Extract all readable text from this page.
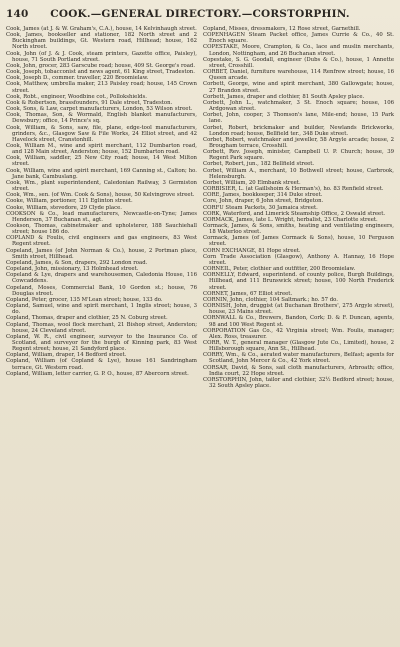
140	COOK.—GENERAL DIRECTORY.—CORSTORPHIN.

Cook, James (at J. & W. Graham's, C.A.), house, 14 Kelvinhaugh street.

Cook, James, bookseller and stationer, 182 North street and 2 Buckingham buildings, Gt. Western road, Hillhead; house, 162 North street.

Cook, John (of J. & J. Cook, steam printers, Gazette office, Paisley), house, 71 South Portland street.

Cook, John, grocer, 283 Garscube road; house, 409 St. George's road.

Cook, Joseph, tobacconist and news agent, 61 King street, Tradeston.

Cook, Joseph D., commer. traveller, 220 Broomielaw.

Cook, Matthew, umbrella maker, 213 Paisley road; house, 145 Crown street.

Cook, Robt., engineer, Woodbine cot., Pollokshields.

Cook & Robertson, brassfounders, 91 Dale street, Tradeston.

Cook, Sons, & Law, carpet manufacturers, London, 53 Wilson street.

Cook, Thomas, Son, & Wormald, English blanket manufacturers, Dewsbury; office, 14 Prince's sq.

Cook, William, & Sons, saw, file, plane, edge-tool manufacturers, grinders, &c., Glasgow Saw & File Works, 24 Elliot street, and 42 Havelock street, Cranstonhill.

Cook, William M., wine and spirit merchant, 112 Dumbarton road, and 128 Main street, Anderston; house, 152 Dumbarton road.

Cook, William, saddler, 25 New City road; house, 14 West Milton street.

Cook, William, wine and spirit merchant, 169 Canning st., Calton; ho. Jane bank, Cambuslang.

Cook, Wm., plant superintendent, Caledonian Railway, 3 Germiston street.

Cook, Wm., sen. (of Wm. Cook & Sons), house, 50 Kelvingrove street.

Cooke, William, portioner, 111 Eglinton street.

Cooke, William, stevedore, 29 Clyde place.

COOKSON & Co., lead manufacturers, Newcastle-on-Tyne; James Henderson, 37 Buchanan st., agt.

Cookson, Thomas, cabinetmaker and upholsterer, 188 Sauchiehall street; house 186 do.

COPLAND & Foulis, civil engineers and gas engineers, 83 West Regent street.

Copeland, James (of John Norman & Co.), house, 2 Portman place, Smith street, Hillhead.

Copeland, James, & Son, drapers, 292 London road.

Copeland, John, missionary, 13 Holmhead street.

Copeland & Lye, drapers and warehousemen, Caledonia House, 116 Cowcaddens.

Copeland, Moses, Commercial Bank, 10 Gordon st.; house, 76 Douglas street.

Copland, Peter, grocer, 135 M'Lean street; house, 133 do.

Copland, Samuel, wine and spirit merchant, 1 Inglis street; house, 3 do.

Copland, Thomas, draper and clothier, 25 N. Coburg street.

Copland, Thomas, wool flock merchant, 21 Bishop street, Anderston; house, 24 Cleveland street.

Copland, W. R., civil engineer, surveyor to the Insurance Co. of Scotland, and surveyor for the burgh of Kinning park, 83 West Regent street; house, 21 Sandyford place.

Copland, William, draper, 14 Bedford street.

Copland, William (of Copland & Lye), house 161 Sandringham terrace, Gt. Western road.

Copland, William, letter carrier, G. P. O., house, 87 Abercorn street.

Copland, Misses, dressmakers, 12 Rose street, Garnethill.

COPENHAGEN Steam Packet office, James Currie & Co., 40 St. Enoch square.

COPESTAKE, Moore, Crampton, & Co., lace and muslin merchants, London, Nottingham, and 26 Buchanan street.

Copestake, S. G. Goodall, engineer (Dubs & Co.), house, 1 Annette street, Crosshill.

CORBET, Daniel, furniture warehouse, 114 Renfrew street; house, 16 Queen arcade.

Corbett, George, wine and spirit merchant, 380 Gallowgate; house, 27 Brandon street.

Corbett, James, draper and clothier, 81 South Apsley place.

Corbett, John L., watchmaker, 3 St. Enoch square; house, 106 Ardgowan street.

Corbet, John, cooper, 3 Thomson's lane, Mile-end; house, 15 Park lane.

Corbet, Robert, brickmaker and builder, Newlands Brickworks, London road; house, Bellfield ter., 348 Duke street.

Corbet, Robert, watchmaker and jeweller, 58 Argyle arcade; house, 2 Brougham terrace, Crosshill.

Corbett, Rev. Joseph, minister, Campbell U. P. Church; house, 39 Regent Park square.

Corbet, Robert, jun., 182 Bellfield street.

Corbet, William A., merchant, 10 Bothwell street; house, Carbrook, Helensburgh.

Corbet, William, 20 Elmbank street.

CORBISIER, L. (at Gaillshoim & Herman's), ho. 83 Renfield street.

CORE, James, bookkeeper, 314 Duke street.

Core, John, draper, 6 John street, Bridgeton.

CORFU Steam Packets, 30 Jamaica street.

CORK, Waterford, and Limerick Steamship Office, 2 Oswald street.

CORMACK, James, late L. Wright, herbalist, 23 Charlotte street.

Cormack, James, & Sons, smiths, heating and ventilating engineers, 18 Waterloo street.

Cormack, James (of James Cormack & Sons), house, 10 Ferguson street.

CORN EXCHANGE, 81 Hope street.

Corn Trade Association (Glasgow), Anthony A. Hannay, 16 Hope street.

CORNEIL, Peter, clothier and outfitter, 200 Broomielaw.

CORNELLY, Edward, superintend. of county police, Burgh Buildings, Hillhead, and 111 Brunswick street; house, 100 North Frederick street.

CORNET, James, 67 Elliot street.

CORNIN, John, clothier, 104 Saltmark.; ho. 57 do.

CORNISH, John, druggist (at Buchanan Brothers', 275 Argyle street), house, 23 Mains street.

CORNWALL & Co., Brewers, Bandon, Cork; D. & F. Duncan, agents, 98 and 100 West Regent st.

CORPORATION Gas Co., 42 Virginia street; Wm. Foulis, manager; Alex. Ross, treasurer.

CORR, W. T., general manager (Glasgow Jute Co., Limited), house, 2 Hillsborough square, Ann St., Hillhead.

CORRY, Wm., & Co., aerated water manufacturers, Belfast; agents for Scotland, John Mercer & Co., 42 York street.

CORSAR, David, & Sons, sail cloth manufacturers, Arbroath; office, India court, 22 Hope street.

CORSTORPHIN, John, tailor and clothier, 32½ Bedford street; house, 32 South Apsley place.
